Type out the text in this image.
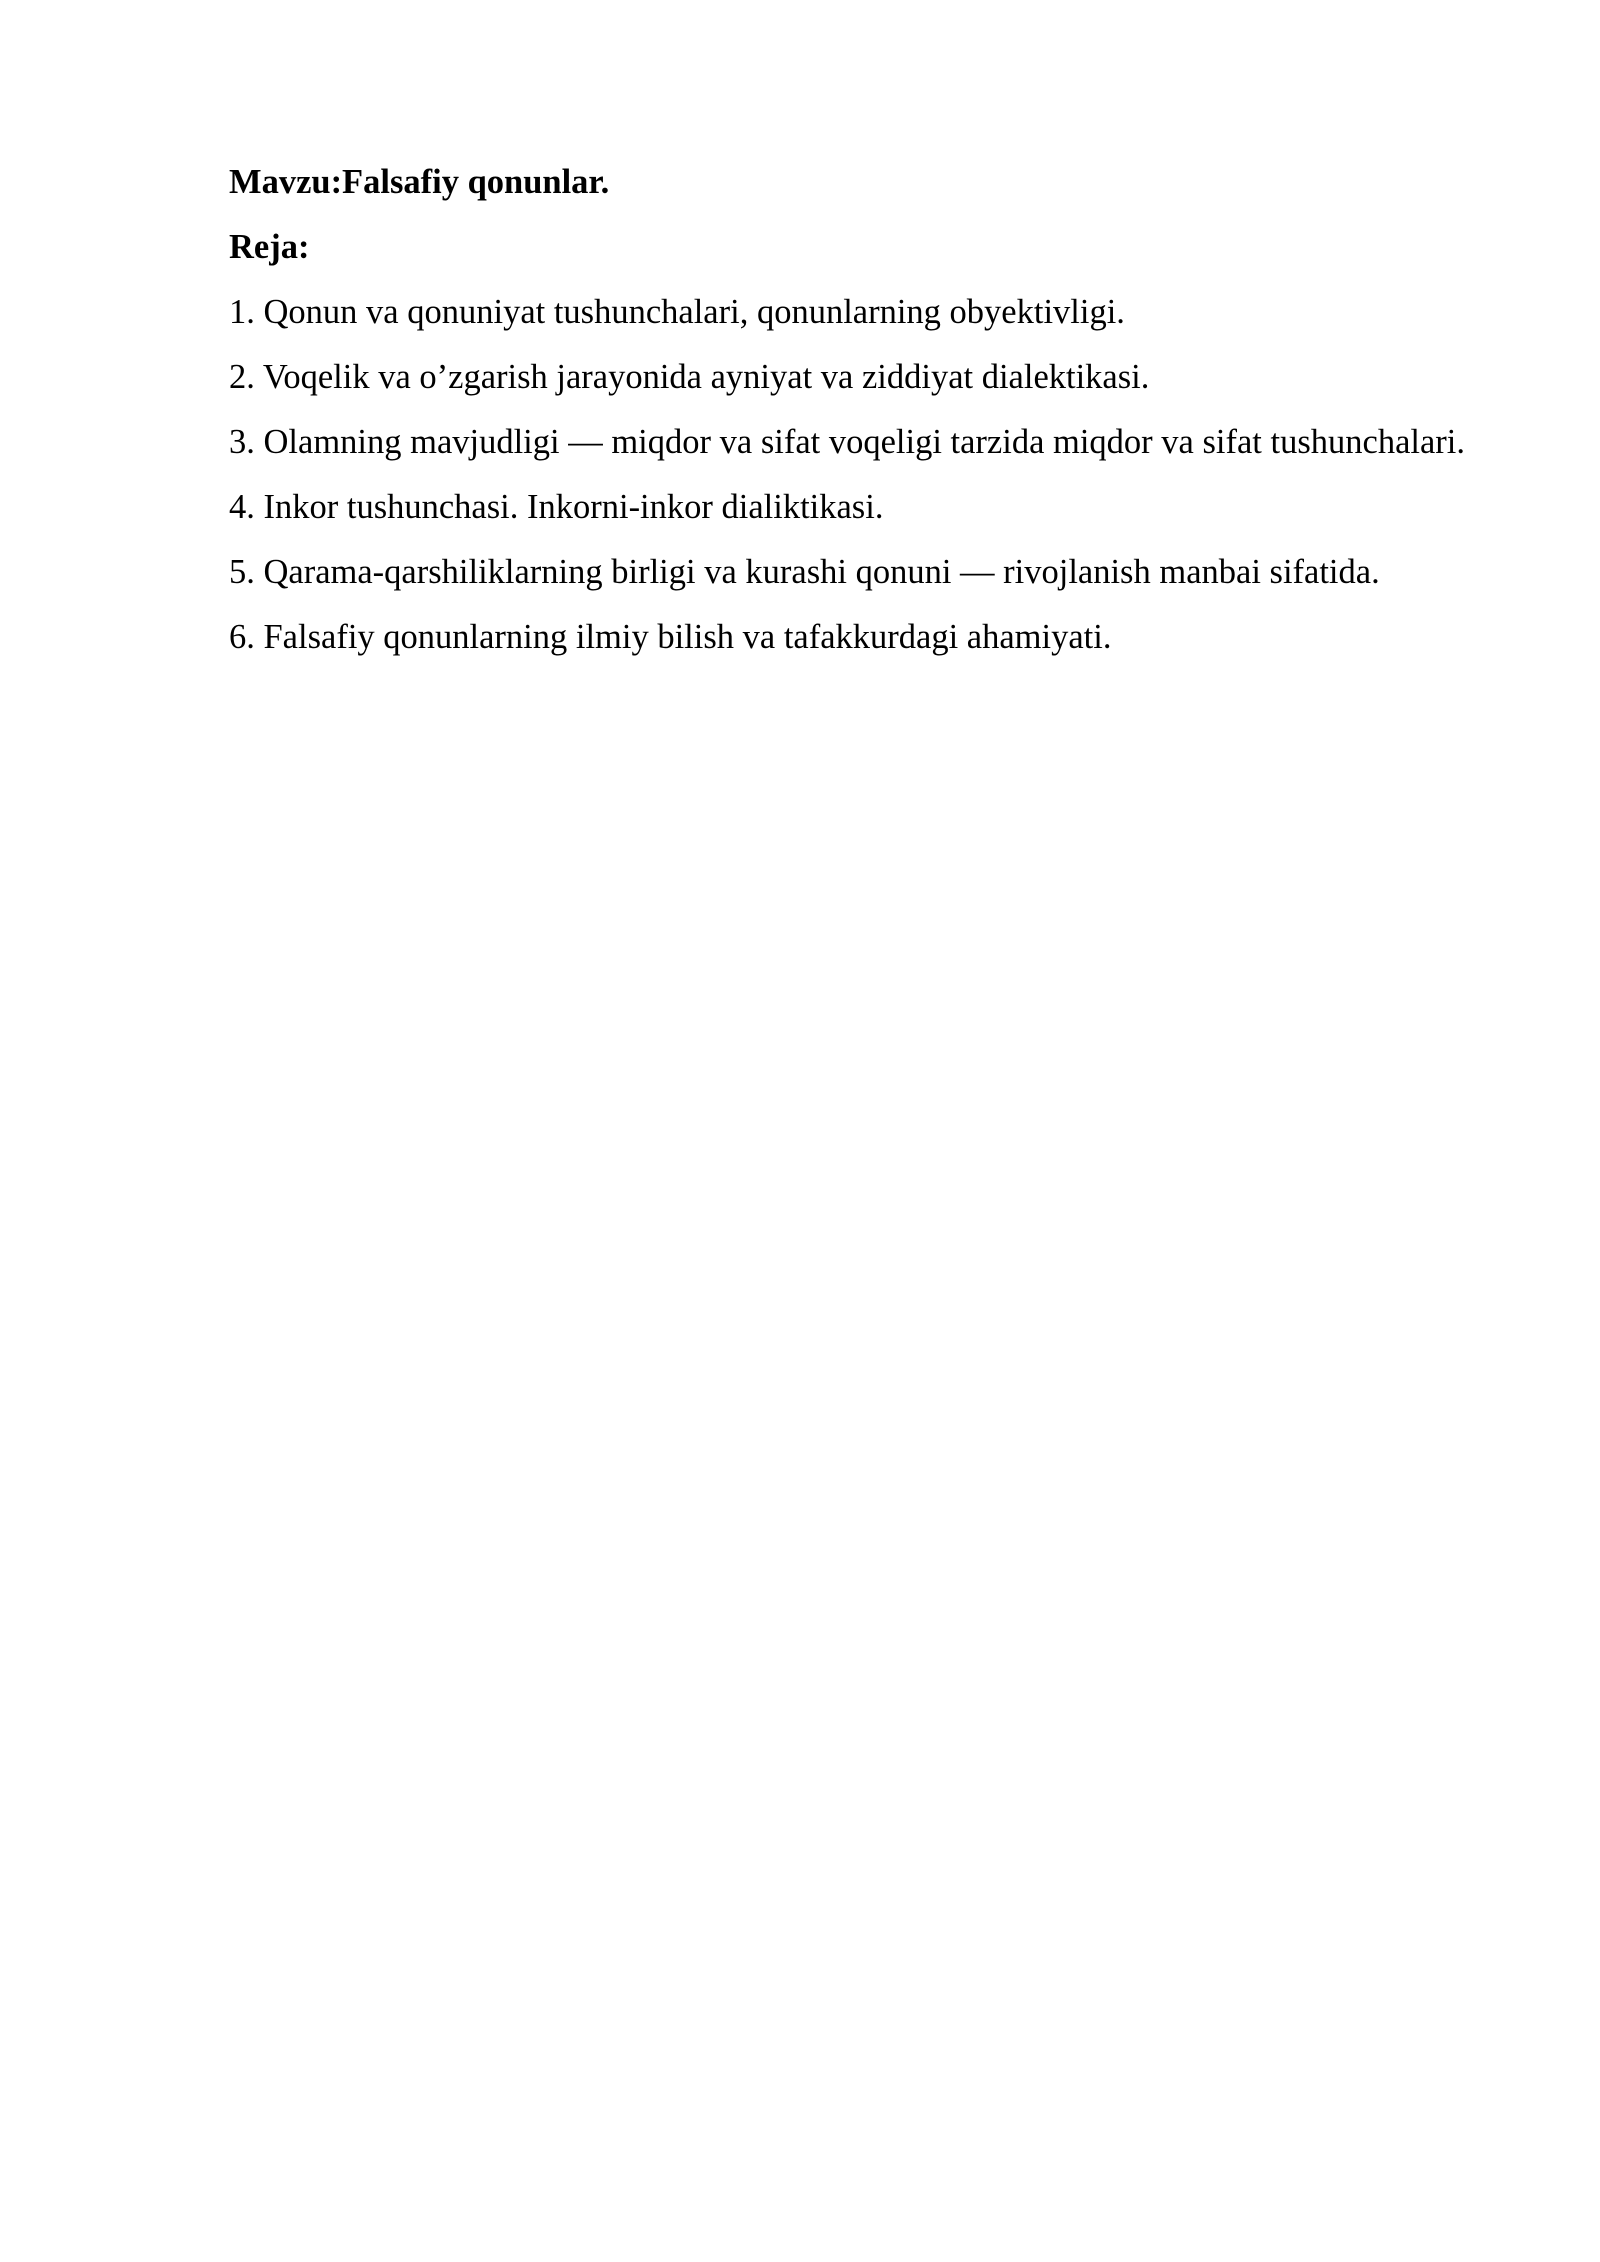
Mavzu:Falsafiy qonunlar.

Reja:

1. Qonun va qonuniyat tushunchalari, qonunlarning obyektivligi.

2. Voqelik va o’zgarish jarayonida ayniyat va ziddiyat dialektikasi.

3. Olamning mavjudligi — miqdor va sifat voqeligi tarzida miqdor va sifat tushunchalari.

4. Inkor tushunchasi. Inkorni-inkor dialiktikasi.

5. Qarama-qarshiliklarning birligi va kurashi qonuni — rivojlanish manbai sifatida.

6. Falsafiy qonunlarning ilmiy bilish va tafakkurdagi ahamiyati.
